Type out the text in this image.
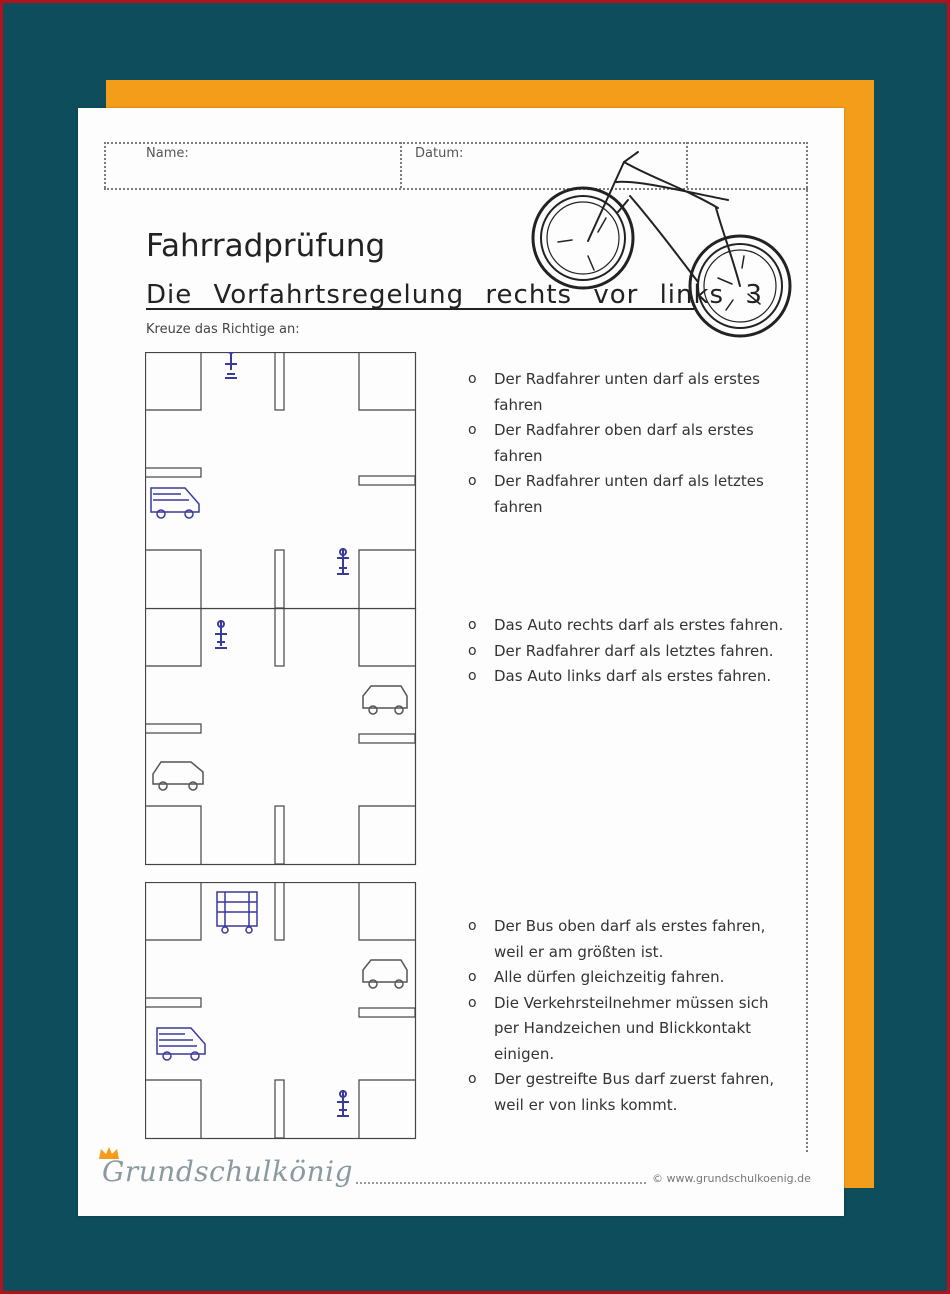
Name:	Datum:
Fahrradprüfung
Die Vorfahrtsregelung rechts vor links 3
Kreuze das Richtige an:
o Der Radfahrer unten darf als erstes fahren
o Der Radfahrer oben darf als erstes fahren
o Der Radfahrer unten darf als letztes fahren
o Das Auto rechts darf als erstes fahren.
o Der Radfahrer darf als letztes fahren.
o Das Auto links darf als erstes fahren.
o Der Bus oben darf als erstes fahren, weil er am größten ist.
o Alle dürfen gleichzeitig fahren.
o Die Verkehrsteilnehmer müssen sich per Handzeichen und Blickkontakt einigen.
o Der gestreifte Bus darf zuerst fahren, weil er von links kommt.
Grundschulkönig	© www.grundschulkoenig.de
